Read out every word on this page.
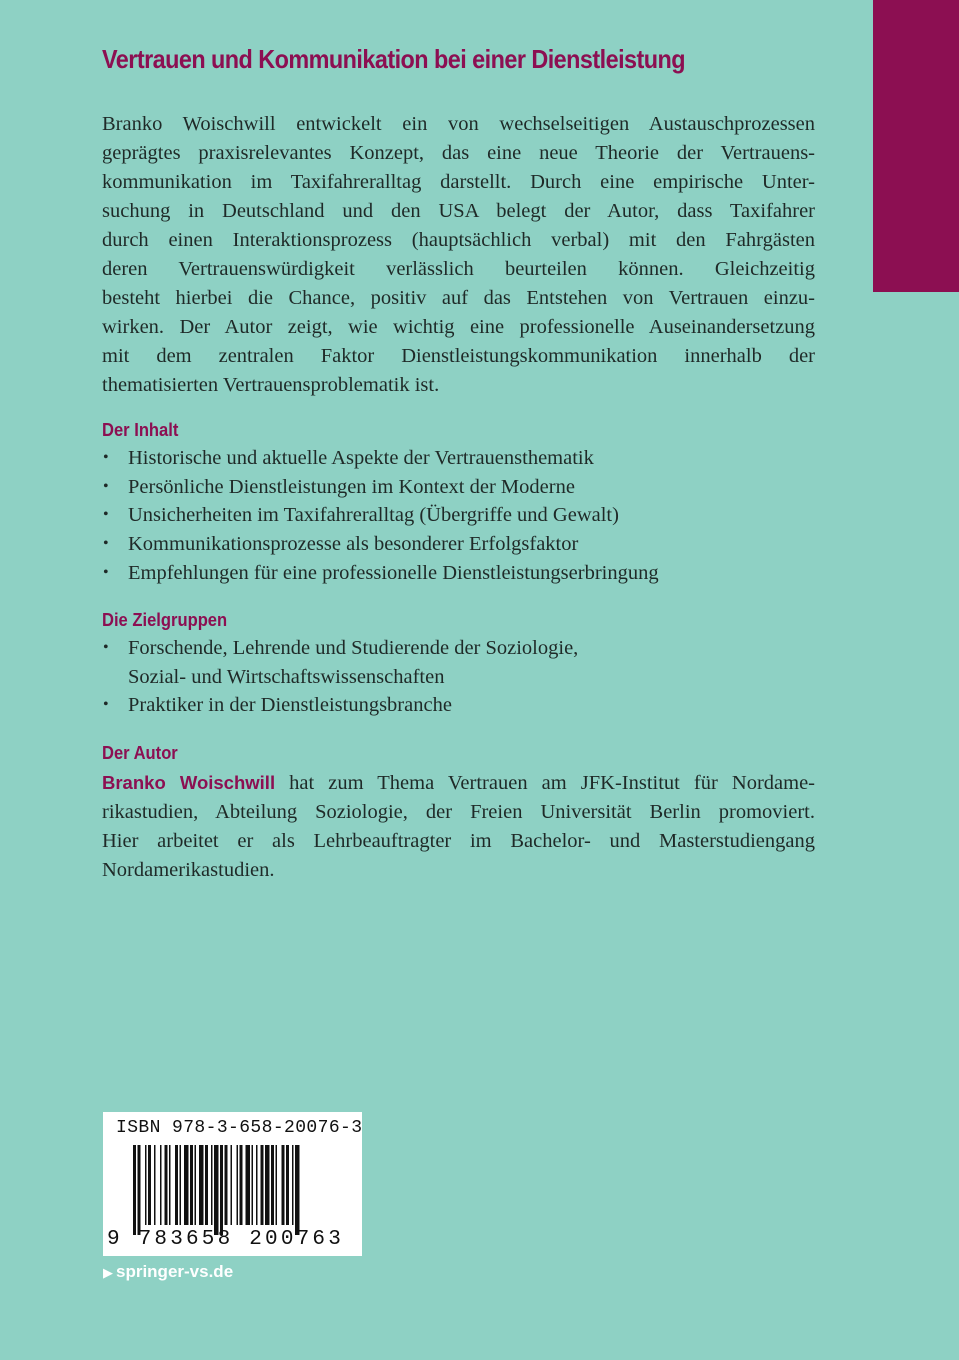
Vertrauen und Kommunikation bei einer Dienstleistung

Branko Woischwill entwickelt ein von wechselseitigen Austauschprozessen
geprägtes praxisrelevantes Konzept, das eine neue Theorie der Vertrauens-
kommunikation im Taxifahreralltag darstellt. Durch eine empirische Unter-
suchung in Deutschland und den USA belegt der Autor, dass Taxifahrer
durch einen Interaktionsprozess (hauptsächlich verbal) mit den Fahrgästen
deren Vertrauenswürdigkeit verlässlich beurteilen können. Gleichzeitig
besteht hierbei die Chance, positiv auf das Entstehen von Vertrauen einzu-
wirken. Der Autor zeigt, wie wichtig eine professionelle Auseinandersetzung
mit dem zentralen Faktor Dienstleistungskommunikation innerhalb der
thematisierten Vertrauensproblematik ist.

Der Inhalt
• Historische und aktuelle Aspekte der Vertrauensthematik
• Persönliche Dienstleistungen im Kontext der Moderne
• Unsicherheiten im Taxifahreralltag (Übergriffe und Gewalt)
• Kommunikationsprozesse als besonderer Erfolgsfaktor
• Empfehlungen für eine professionelle Dienstleistungserbringung
Die Zielgruppen
• Forschende, Lehrende und Studierende der Soziologie,
Sozial- und Wirtschaftswissenschaften
• Praktiker in der Dienstleistungsbranche
Der Autor

Branko Woischwill hat zum Thema Vertrauen am JFK-Institut für Nordame-
rikastudien, Abteilung Soziologie, der Freien Universität Berlin promoviert.
Hier arbeitet er als Lehrbeauftragter im Bachelor- und Masterstudiengang
Nordamerikastudien.

ISBN 978-3-658-20076-3
9 783658 200763
▶ springer-vs.de
